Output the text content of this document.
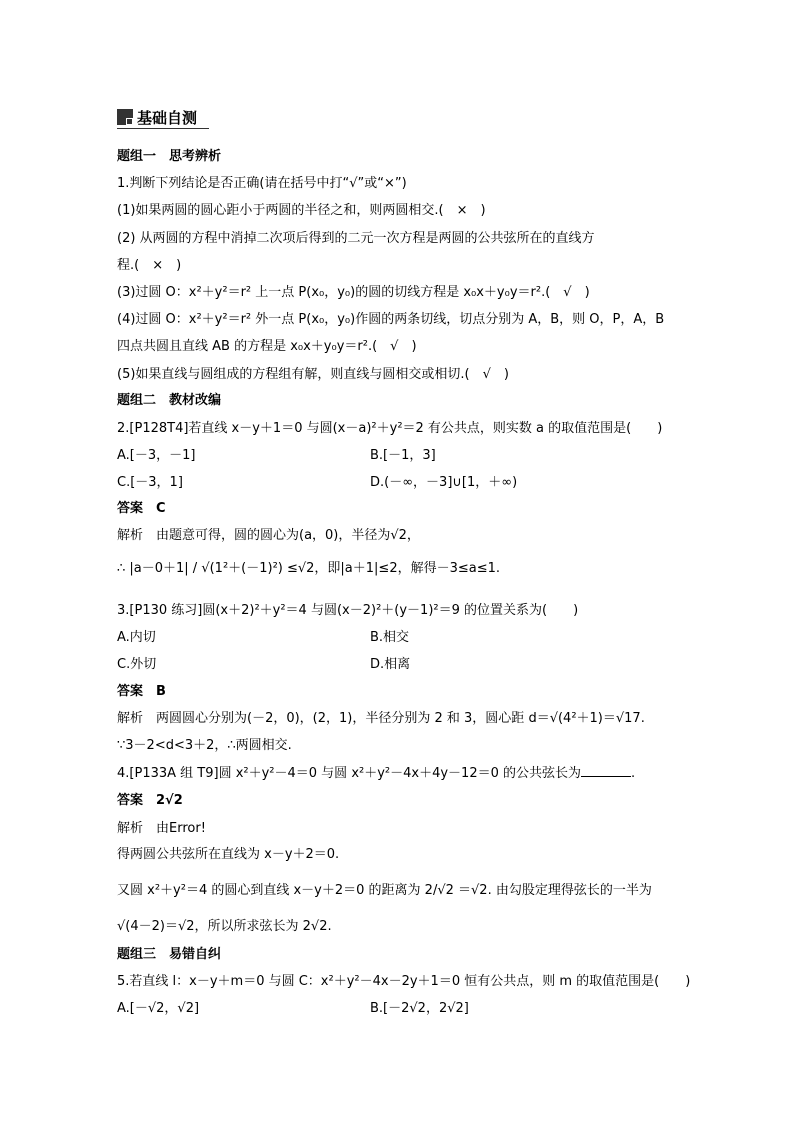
基础自测
题组一　思考辨析
1.判断下列结论是否正确(请在括号中打“√”或“×”)
(1)如果两圆的圆心距小于两圆的半径之和，则两圆相交.(　×　)
(2) 从两圆的方程中消掉二次项后得到的二元一次方程是两圆的公共弦所在的直线方
程.(　×　)
(3)过圆 O：x²＋y²＝r² 上一点 P(x₀，y₀)的圆的切线方程是 x₀x＋y₀y＝r².(　√　)
(4)过圆 O：x²＋y²＝r² 外一点 P(x₀，y₀)作圆的两条切线，切点分别为 A，B，则 O，P，A，B
四点共圆且直线 AB 的方程是 x₀x＋y₀y＝r².(　√　)
(5)如果直线与圆组成的方程组有解，则直线与圆相交或相切.(　√　)
题组二　教材改编
2.[P128T4]若直线 x－y＋1＝0 与圆(x－a)²＋y²＝2 有公共点，则实数 a 的取值范围是(　　)
A.[－3，－1]	B.[－1，3]
C.[－3，1]	D.(－∞，－3]∪[1，＋∞)
答案　C
解析　由题意可得，圆的圆心为(a，0)，半径为√2，
∴ |a－0＋1| / √(1²＋(－1)²) ≤√2，即|a＋1|≤2，解得－3≤a≤1.
3.[P130 练习]圆(x＋2)²＋y²＝4 与圆(x－2)²＋(y－1)²＝9 的位置关系为(　　)
A.内切	B.相交
C.外切	D.相离
答案　B
解析　两圆圆心分别为(－2，0)，(2，1)，半径分别为 2 和 3，圆心距 d＝√(4²＋1)＝√17.
∵3－2<d<3＋2，∴两圆相交.
4.[P133A 组 T9]圆 x²＋y²－4＝0 与圆 x²＋y²－4x＋4y－12＝0 的公共弦长为	.
答案　2√2
解析　由Error!
得两圆公共弦所在直线为 x－y＋2＝0.
又圆 x²＋y²＝4 的圆心到直线 x－y＋2＝0 的距离为 2/√2 ＝√2. 由勾股定理得弦长的一半为
√(4－2)＝√2，所以所求弦长为 2√2.
题组三　易错自纠
5.若直线 l：x－y＋m＝0 与圆 C：x²＋y²－4x－2y＋1＝0 恒有公共点，则 m 的取值范围是(　　)
A.[－√2，√2]	B.[－2√2，2√2]
